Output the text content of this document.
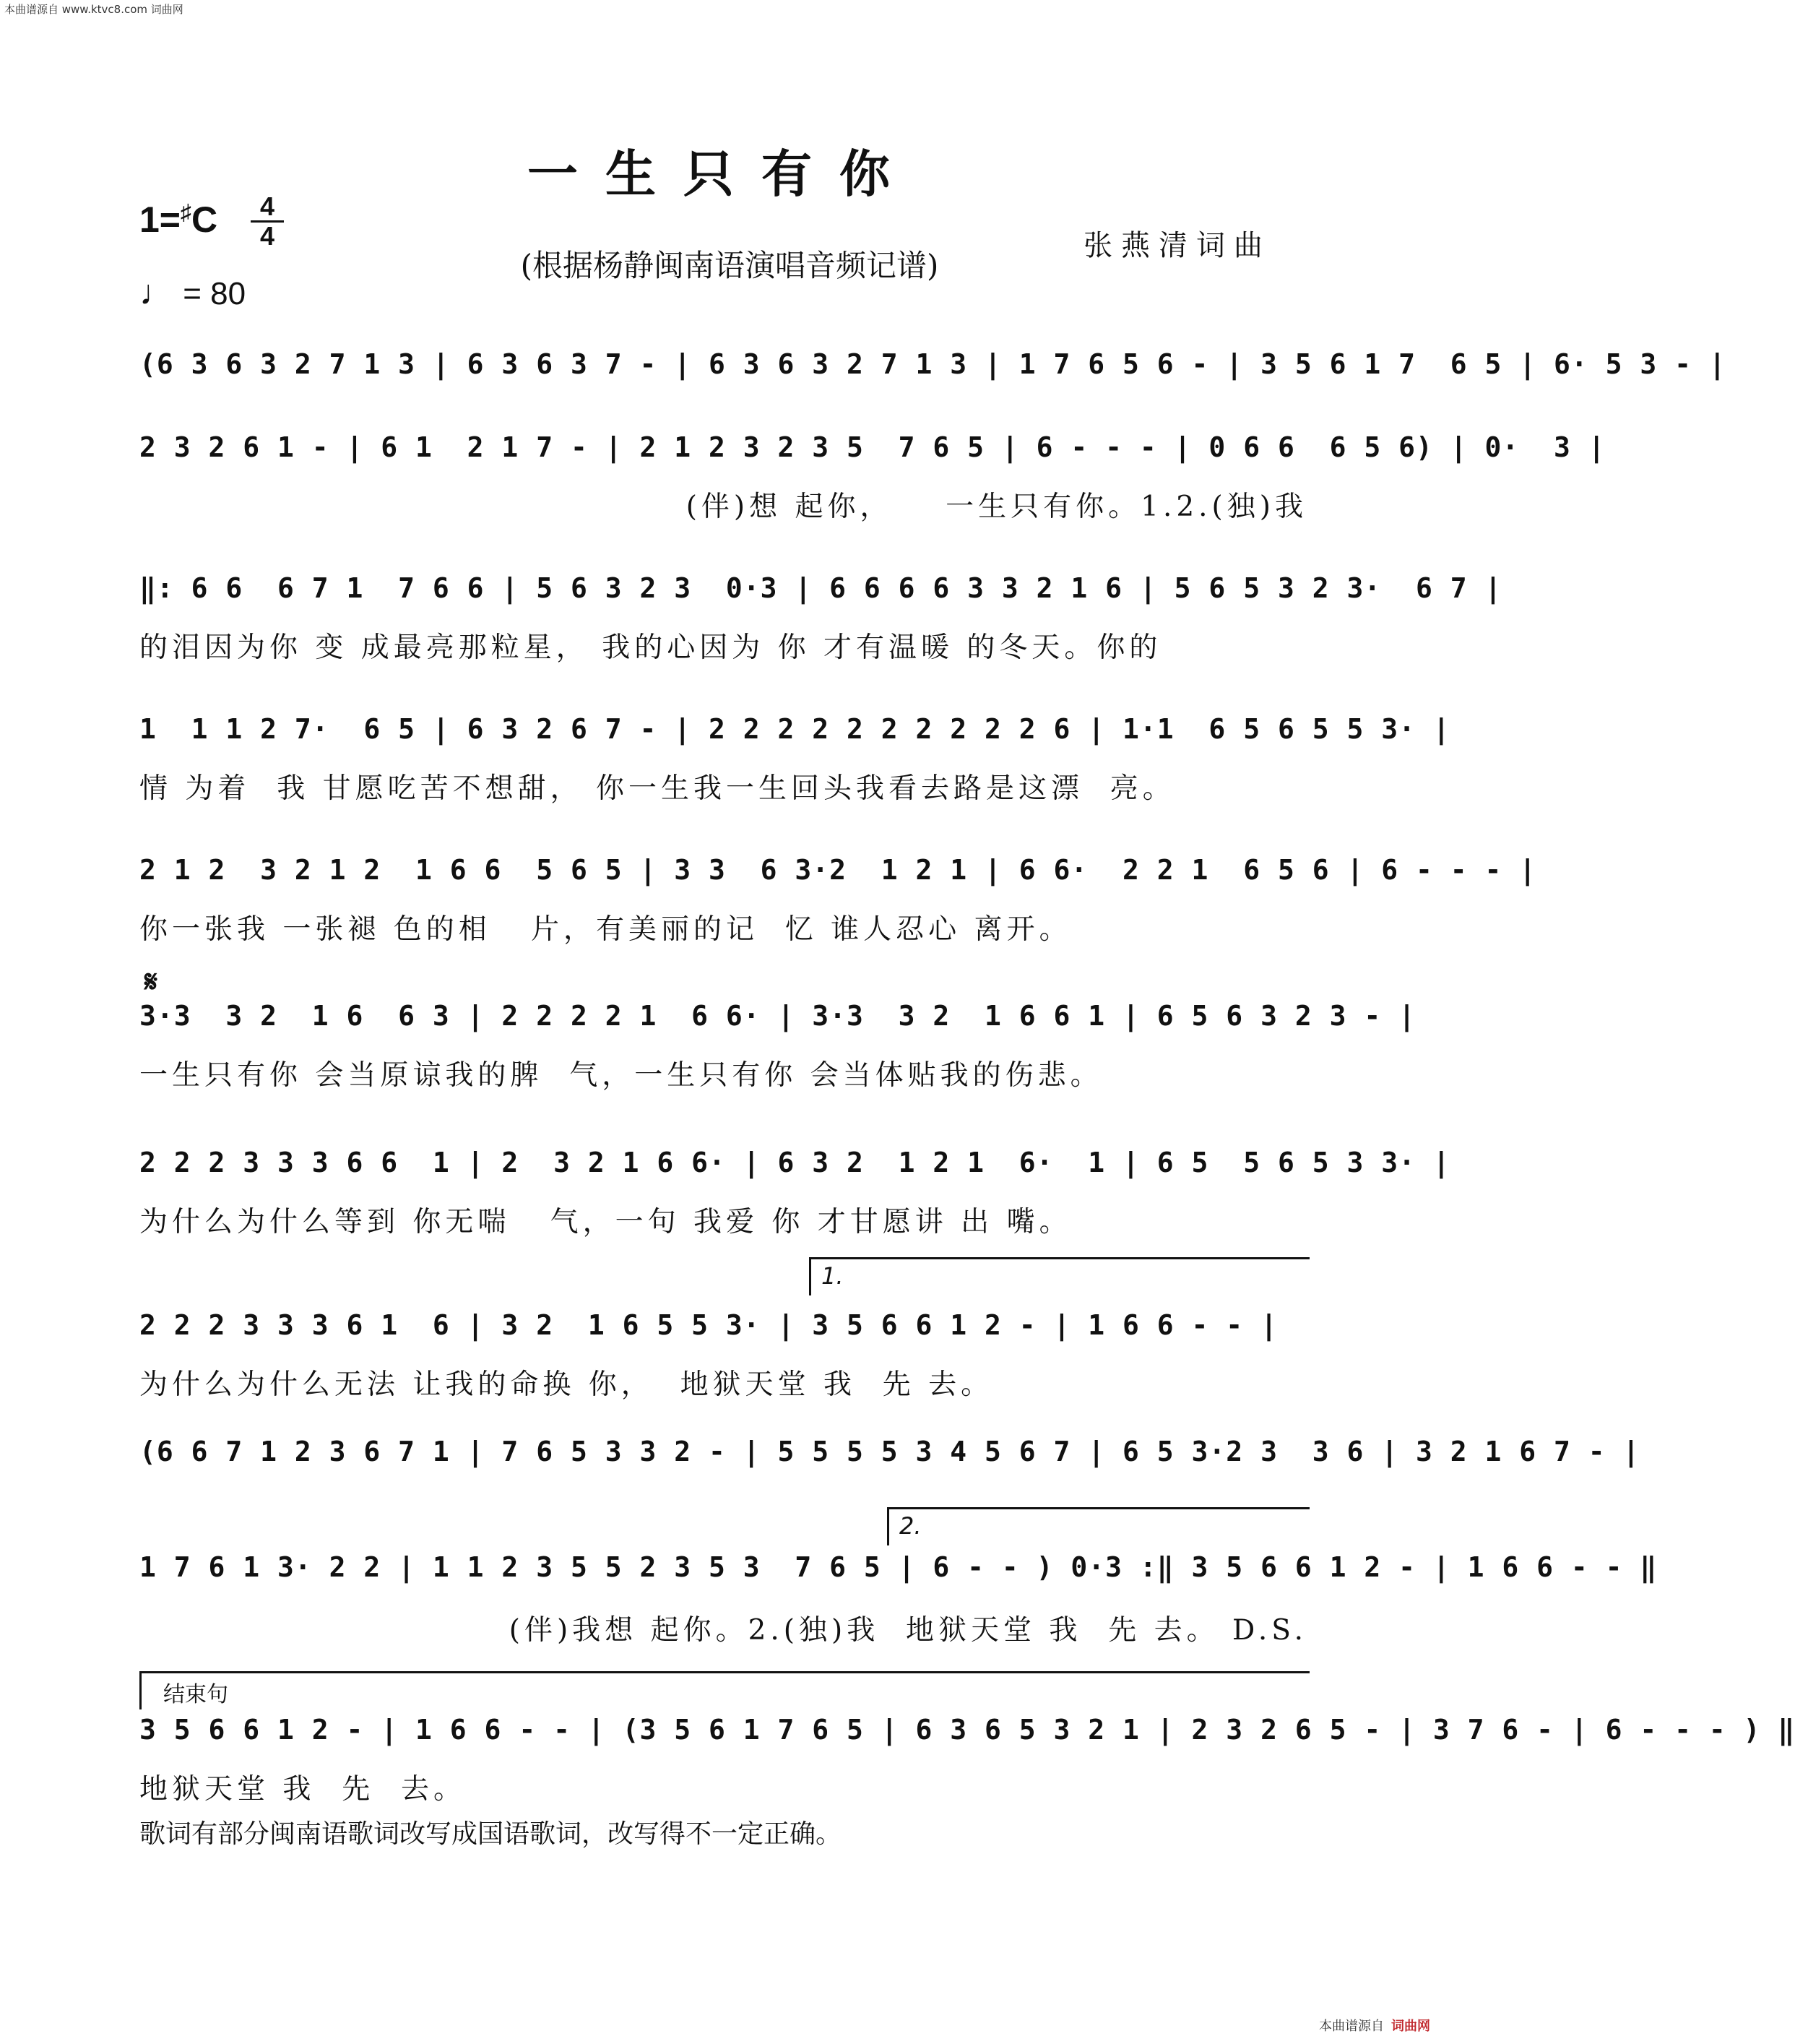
本曲谱源自 www.ktvc8.com 词曲网
一生只有你
1=♯C	4
4
♩ = 80
(根据杨静闽南语演唱音频记谱)
张燕清词曲
𝄋
1.
2.
结束句
(6 3 6 3 2 7 1 3 | 6 3 6 3 7 - | 6 3 6 3 2 7 1 3 | 1 7 6 5 6 - | 3 5 6 1 7  6 5 | 6· 5 3 - |
2 3 2 6 1 - | 6 1  2 1 7 - | 2 1 2 3 2 3 5  7 6 5 | 6 - - - | 0 6 6  6 5 6) | 0·  3 |
(伴)想 起你，    一生只有你。1.2.(独)我
‖: 6 6  6 7 1  7 6 6 | 5 6 3 2 3  0·3 | 6 6 6 6 3 3 2 1 6 | 5 6 5 3 2 3·  6 7 |
的泪因为你 变 成最亮那粒星， 我的心因为 你 才有温暖 的冬天。你的
1  1 1 2 7·  6 5 | 6 3 2 6 7 - | 2 2 2 2 2 2 2 2 2 2 6 | 1·1  6 5 6 5 5 3· |
情 为着  我 甘愿吃苦不想甜， 你一生我一生回头我看去路是这漂  亮。
2 1 2  3 2 1 2  1 6 6  5 6 5 | 3 3  6 3·2  1 2 1 | 6 6·  2 2 1  6 5 6 | 6 - - - |
你一张我 一张褪 色的相   片，有美丽的记  忆 谁人忍心 离开。
3·3  3 2  1 6  6 3 | 2 2 2 2 1  6 6· | 3·3  3 2  1 6 6 1 | 6 5 6 3 2 3 - |
一生只有你 会当原谅我的脾  气，一生只有你 会当体贴我的伤悲。
2 2 2 3 3 3 6 6  1 | 2  3 2 1 6 6· | 6 3 2  1 2 1  6·  1 | 6 5  5 6 5 3 3· |
为什么为什么等到 你无喘   气，一句 我爱 你 才甘愿讲 出 嘴。
2 2 2 3 3 3 6 1  6 | 3 2  1 6 5 5 3· | 3 5 6 6 1 2 - | 1 6 6 - - |
为什么为什么无法 让我的命换 你，  地狱天堂 我  先 去。
(6 6 7 1 2 3 6 7 1 | 7 6 5 3 3 2 - | 5 5 5 5 3 4 5 6 7 | 6 5 3·2 3  3 6 | 3 2 1 6 7 - |
1 7 6 1 3· 2 2 | 1 1 2 3 5 5 2 3 5 3  7 6 5 | 6 - - ) 0·3 :‖ 3 5 6 6 1 2 - | 1 6 6 - - ‖
(伴)我想 起你。2.(独)我  地狱天堂 我  先 去。 D.S.
3 5 6 6 1 2 - | 1 6 6 - - | (3 5 6 1 7 6 5 | 6 3 6 5 3 2 1 | 2 3 2 6 5 - | 3 7 6 - | 6 - - - ) ‖
地狱天堂 我  先  去。
歌词有部分闽南语歌词改写成国语歌词，改写得不一定正确。
本曲谱源自 词曲网
